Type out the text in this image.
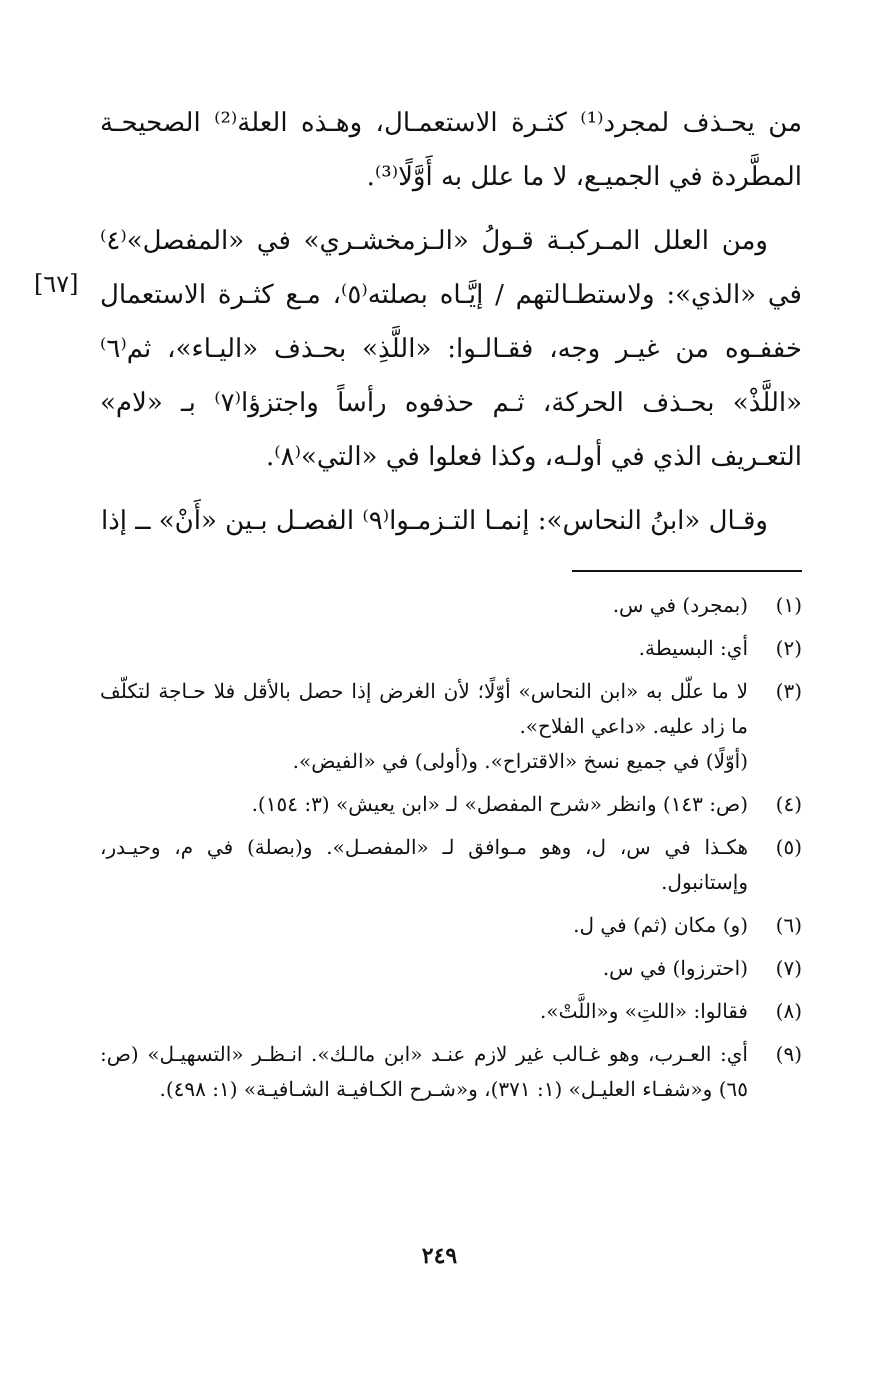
من يحـذف لمجرد⁽¹⁾ كثـرة الاستعمـال، وهـذه العلة⁽²⁾ الصحيحـة المطَّردة في الجميـع، لا ما علل به أَوَّلًا⁽³⁾.

ومن العلل المـركبـة قـولُ «الـزمخشـري» في «المفصل»⁽٤⁾ في «الذي»: ولاستطـالتهم / إيَّـاه بصلته⁽٥⁾، مـع كثـرة الاستعمال خففـوه من غيـر وجه، فقـالـوا: «اللَّذِ» بحـذف «اليـاء»، ثم⁽٦⁾ «اللَّذْ» بحـذف الحركة، ثـم حذفوه رأساً واجتزؤا⁽٧⁾ بـ «لام» التعـريف الذي في أولـه، وكذا فعلوا في «التي»⁽٨⁾.

وقـال «ابنُ النحاس»: إنمـا التـزمـوا⁽٩⁾ الفصـل بـين «أَنْ» ــ إذا

[٦٧]
(١)
(بمجرد) في س.
(٢)
أي: البسيطة.
(٣)
لا ما علّل به «ابن النحاس» أوّلًا؛ لأن الغرض إذا حصل بالأقل فلا حـاجة لتكلّف ما زاد عليه. «داعي الفلاح».
(أوّلًا) في جميع نسخ «الاقتراح». و(أولى) في «الفيض».
(٤)
(ص: ١٤٣) وانظر «شرح المفصل» لـ «ابن يعيش» (٣: ١٥٤).
(٥)
هكـذا في س، ل، وهو مـوافق لـ «المفصـل». و(بصلة) في م، وحيـدر، وإستانبول.
(٦)
(و) مكان (ثم) في ل.
(٧)
(احترزوا) في س.
(٨)
فقالوا: «اللتِ» و«اللَّتْ».
(٩)
أي: العـرب، وهو غـالب غير لازم عنـد «ابن مالـك». انـظـر «التسهيـل» (ص: ٦٥) و«شفـاء العليـل» (١: ٣٧١)، و«شـرح الكـافيـة الشـافيـة» (١: ٤٩٨).
٢٤٩
